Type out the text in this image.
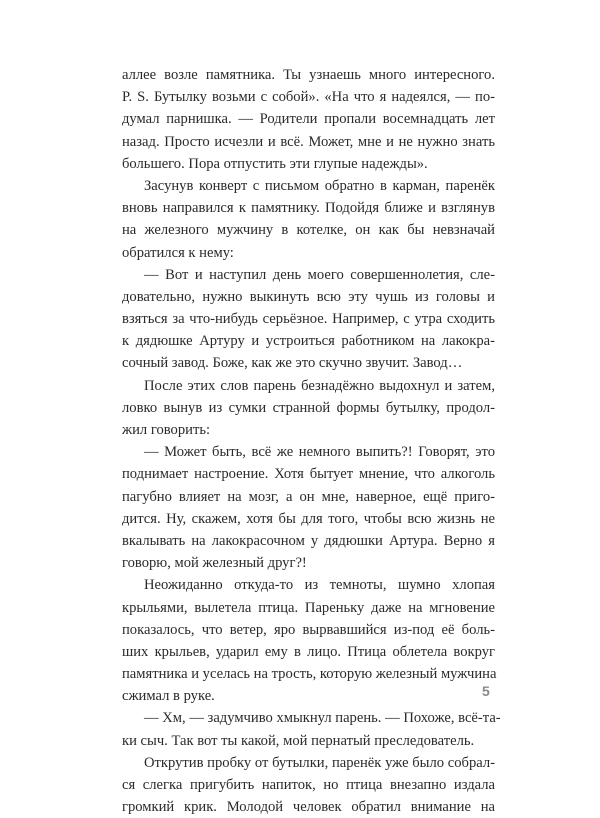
аллее возле памятника. Ты узнаешь много интересного.
P. S. Бутылку возьми с собой». «На что я надеялся, — по-
думал парнишка. — Родители пропали восемнадцать лет
назад. Просто исчезли и всё. Может, мне и не нужно знать
большего. Пора отпустить эти глупые надежды».
Засунув конверт с письмом обратно в карман, паренёк
вновь направился к памятнику. Подойдя ближе и взглянув
на железного мужчину в котелке, он как бы невзначай
обратился к нему:
— Вот и наступил день моего совершеннолетия, сле-
довательно, нужно выкинуть всю эту чушь из головы и
взяться за что-нибудь серьёзное. Например, с утра сходить
к дядюшке Артуру и устроиться работником на лакокра-
сочный завод. Боже, как же это скучно звучит. Завод…
После этих слов парень безнадёжно выдохнул и затем,
ловко вынув из сумки странной формы бутылку, продол-
жил говорить:
— Может быть, всё же немного выпить?! Говорят, это
поднимает настроение. Хотя бытует мнение, что алкоголь
пагубно влияет на мозг, а он мне, наверное, ещё приго-
дится. Ну, скажем, хотя бы для того, чтобы всю жизнь не
вкалывать на лакокрасочном у дядюшки Артура. Верно я
говорю, мой железный друг?!
Неожиданно откуда-то из темноты, шумно хлопая
крыльями, вылетела птица. Пареньку даже на мгновение
показалось, что ветер, яро вырвавшийся из-под её боль-
ших крыльев, ударил ему в лицо. Птица облетела вокруг
памятника и уселась на трость, которую железный мужчина
сжимал в руке.
— Хм, — задумчиво хмыкнул парень. — Похоже, всё-та-
ки сыч. Так вот ты какой, мой пернатый преследователь.
Открутив пробку от бутылки, паренёк уже было собрал-
ся слегка пригубить напиток, но птица внезапно издала
громкий крик. Молодой человек обратил внимание на
5
